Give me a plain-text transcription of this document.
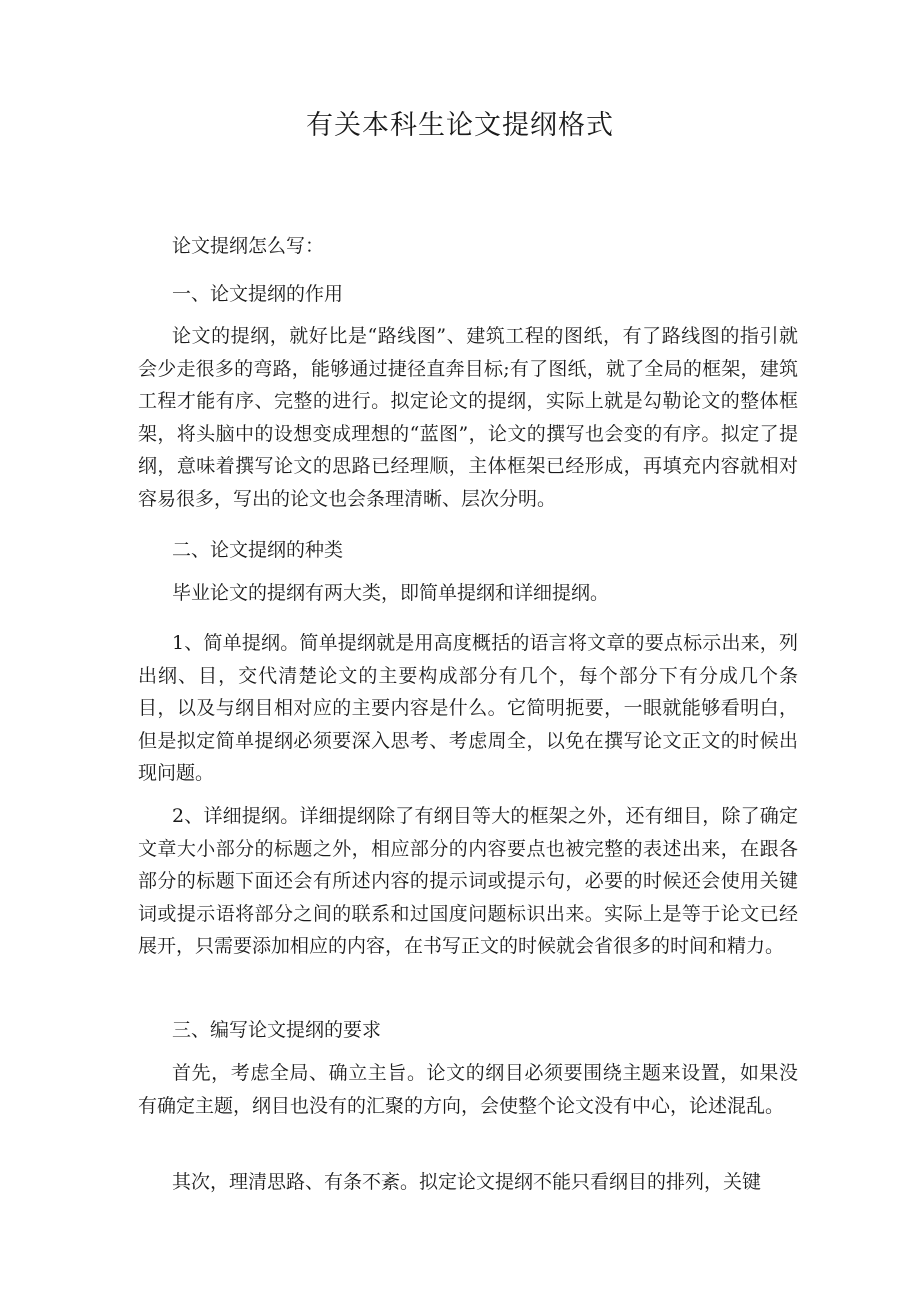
有关本科生论文提纲格式
论文提纲怎么写：
一、论文提纲的作用
论文的提纲，就好比是“路线图”、建筑工程的图纸，有了路线图的指引就会少走很多的弯路，能够通过捷径直奔目标;有了图纸，就了全局的框架，建筑工程才能有序、完整的进行。拟定论文的提纲，实际上就是勾勒论文的整体框架，将头脑中的设想变成理想的“蓝图”，论文的撰写也会变的有序。拟定了提纲，意味着撰写论文的思路已经理顺，主体框架已经形成，再填充内容就相对容易很多，写出的论文也会条理清晰、层次分明。
二、论文提纲的种类
毕业论文的提纲有两大类，即简单提纲和详细提纲。
1、简单提纲。简单提纲就是用高度概括的语言将文章的要点标示出来，列出纲、目，交代清楚论文的主要构成部分有几个，每个部分下有分成几个条目，以及与纲目相对应的主要内容是什么。它简明扼要，一眼就能够看明白，但是拟定简单提纲必须要深入思考、考虑周全，以免在撰写论文正文的时候出现问题。
2、详细提纲。详细提纲除了有纲目等大的框架之外，还有细目，除了确定文章大小部分的标题之外，相应部分的内容要点也被完整的表述出来，在跟各部分的标题下面还会有所述内容的提示词或提示句，必要的时候还会使用关键词或提示语将部分之间的联系和过国度问题标识出来。实际上是等于论文已经展开，只需要添加相应的内容，在书写正文的时候就会省很多的时间和精力。
三、编写论文提纲的要求
首先，考虑全局、确立主旨。论文的纲目必须要围绕主题来设置，如果没有确定主题，纲目也没有的汇聚的方向，会使整个论文没有中心，论述混乱。
其次，理清思路、有条不紊。拟定论文提纲不能只看纲目的排列，关键
